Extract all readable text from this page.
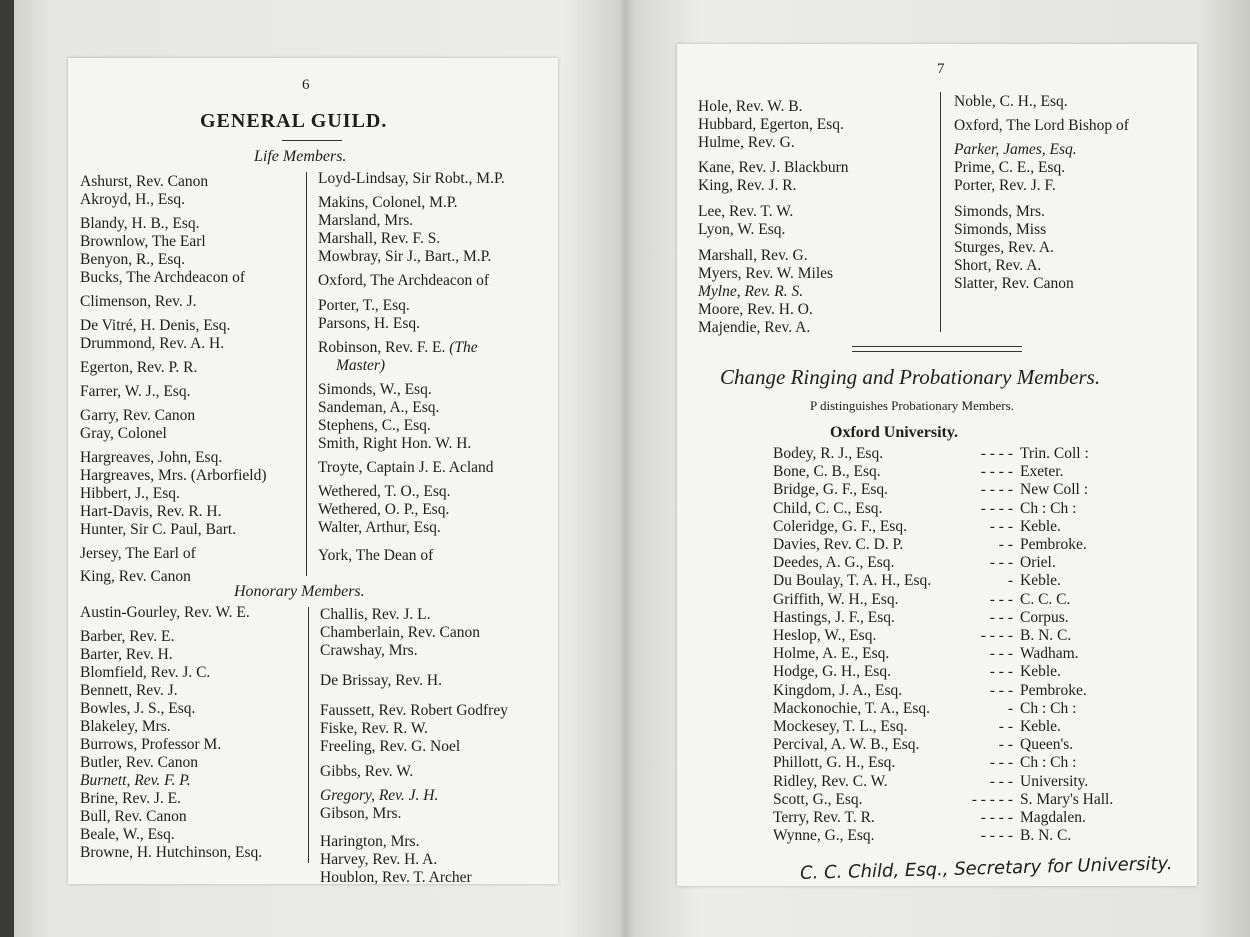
6
GENERAL GUILD.
Life Members.
Ashurst, Rev. Canon
Akroyd, H., Esq.
Blandy, H. B., Esq.
Brownlow, The Earl
Benyon, R., Esq.
Bucks, The Archdeacon of
Climenson, Rev. J.
De Vitré, H. Denis, Esq.
Drummond, Rev. A. H.
Egerton, Rev. P. R.
Farrer, W. J., Esq.
Garry, Rev. Canon
Gray, Colonel
Hargreaves, John, Esq.
Hargreaves, Mrs. (Arborfield)
Hibbert, J., Esq.
Hart-Davis, Rev. R. H.
Hunter, Sir C. Paul, Bart.
Jersey, The Earl of
King, Rev. Canon
Loyd-Lindsay, Sir Robt., M.P.
Makins, Colonel, M.P.
Marsland, Mrs.
Marshall, Rev. F. S.
Mowbray, Sir J., Bart., M.P.
Oxford, The Archdeacon of
Porter, T., Esq.
Parsons, H. Esq.
Robinson, Rev. F. E. (The
Master)
Simonds, W., Esq.
Sandeman, A., Esq.
Stephens, C., Esq.
Smith, Right Hon. W. H.
Troyte, Captain J. E. Acland
Wethered, T. O., Esq.
Wethered, O. P., Esq.
Walter, Arthur, Esq.
York, The Dean of
Honorary Members.
Austin-Gourley, Rev. W. E.
Barber, Rev. E.
Barter, Rev. H.
Blomfield, Rev. J. C.
Bennett, Rev. J.
Bowles, J. S., Esq.
Blakeley, Mrs.
Burrows, Professor M.
Butler, Rev. Canon
Burnett, Rev. F. P.
Brine, Rev. J. E.
Bull, Rev. Canon
Beale, W., Esq.
Browne, H. Hutchinson, Esq.
Challis, Rev. J. L.
Chamberlain, Rev. Canon
Crawshay, Mrs.
De Brissay, Rev. H.
Faussett, Rev. Robert Godfrey
Fiske, Rev. R. W.
Freeling, Rev. G. Noel
Gibbs, Rev. W.
Gregory, Rev. J. H.
Gibson, Mrs.
Harington, Mrs.
Harvey, Rev. H. A.
Houblon, Rev. T. Archer
7
Hole, Rev. W. B.
Hubbard, Egerton, Esq.
Hulme, Rev. G.
Kane, Rev. J. Blackburn
King, Rev. J. R.
Lee, Rev. T. W.
Lyon, W. Esq.
Marshall, Rev. G.
Myers, Rev. W. Miles
Mylne, Rev. R. S.
Moore, Rev. H. O.
Majendie, Rev. A.
Noble, C. H., Esq.
Oxford, The Lord Bishop of
Parker, James, Esq.
Prime, C. E., Esq.
Porter, Rev. J. F.
Simonds, Mrs.
Simonds, Miss
Sturges, Rev. A.
Short, Rev. A.
Slatter, Rev. Canon
Change Ringing and Probationary Members.
P distinguishes Probationary Members.
Oxford University.
Bodey, R. J., Esq.	- - - - Trin. Coll :
Bone, C. B., Esq.	- - - - Exeter.
Bridge, G. F., Esq.	- - - - New Coll :
Child, C. C., Esq.	- - - - Ch : Ch :
Coleridge, G. F., Esq.	- - - Keble.
Davies, Rev. C. D. P.	- - Pembroke.
Deedes, A. G., Esq.	- - - Oriel.
Du Boulay, T. A. H., Esq.	- Keble.
Griffith, W. H., Esq.	- - - C. C. C.
Hastings, J. F., Esq.	- - - Corpus.
Heslop, W., Esq.	- - - - B. N. C.
Holme, A. E., Esq.	- - - Wadham.
Hodge, G. H., Esq.	- - - Keble.
Kingdom, J. A., Esq.	- - - Pembroke.
Mackonochie, T. A., Esq.	- Ch : Ch :
Mockesey, T. L., Esq.	- - Keble.
Percival, A. W. B., Esq.	- - Queen's.
Phillott, G. H., Esq.	- - - Ch : Ch :
Ridley, Rev. C. W.	- - - University.
Scott, G., Esq.	- - - - - S. Mary's Hall.
Terry, Rev. T. R.	- - - - Magdalen.
Wynne, G., Esq.	- - - - B. N. C.
C. C. Child, Esq., Secretary for University.
